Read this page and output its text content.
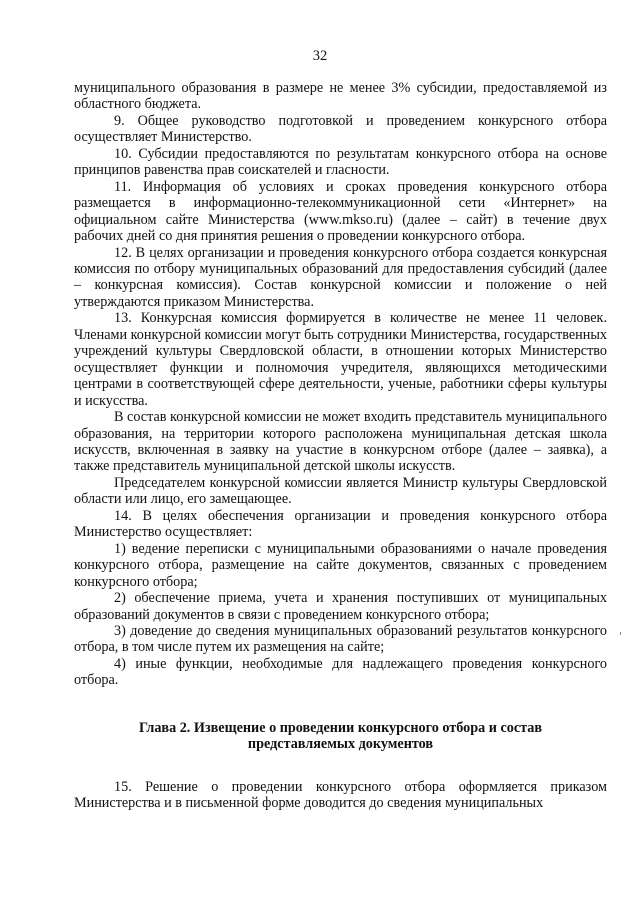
32

муниципального образования в размере не менее 3% субсидии, предоставляемой из областного бюджета.

9. Общее руководство подготовкой и проведением конкурсного отбора осуществляет Министерство.

10. Субсидии предоставляются по результатам конкурсного отбора на основе принципов равенства прав соискателей и гласности.

11. Информация об условиях и сроках проведения конкурсного отбора размещается в информационно-телекоммуникационной сети «Интернет» на официальном сайте Министерства (www.mkso.ru) (далее – сайт) в течение двух рабочих дней со дня принятия решения о проведении конкурсного отбора.

12. В целях организации и проведения конкурсного отбора создается конкурсная комиссия по отбору муниципальных образований для предоставления субсидий (далее – конкурсная комиссия). Состав конкурсной комиссии и положение о ней утверждаются приказом Министерства.

13. Конкурсная комиссия формируется в количестве не менее 11 человек. Членами конкурсной комиссии могут быть сотрудники Министерства, государственных учреждений культуры Свердловской области, в отношении которых Министерство осуществляет функции и полномочия учредителя, являющихся методическими центрами в соответствующей сфере деятельности, ученые, работники сферы культуры и искусства.

В состав конкурсной комиссии не может входить представитель муниципального образования, на территории которого расположена муниципальная детская школа искусств, включенная в заявку на участие в конкурсном отборе (далее – заявка), а также представитель муниципальной детской школы искусств.

Председателем конкурсной комиссии является Министр культуры Свердловской области или лицо, его замещающее.

14. В целях обеспечения организации и проведения конкурсного отбора Министерство осуществляет:

1) ведение переписки с муниципальными образованиями о начале проведения конкурсного отбора, размещение на сайте документов, связанных с проведением конкурсного отбора;

2) обеспечение приема, учета и хранения поступивших от муниципальных образований документов в связи с проведением конкурсного отбора;

3) доведение до сведения муниципальных образований результатов конкурсного отбора, в том числе путем их размещения на сайте;

4) иные функции, необходимые для надлежащего проведения конкурсного отбора.

Глава 2. Извещение о проведении конкурсного отбора и состав представляемых документов

15. Решение о проведении конкурсного отбора оформляется приказом Министерства и в письменной форме доводится до сведения муниципальных
